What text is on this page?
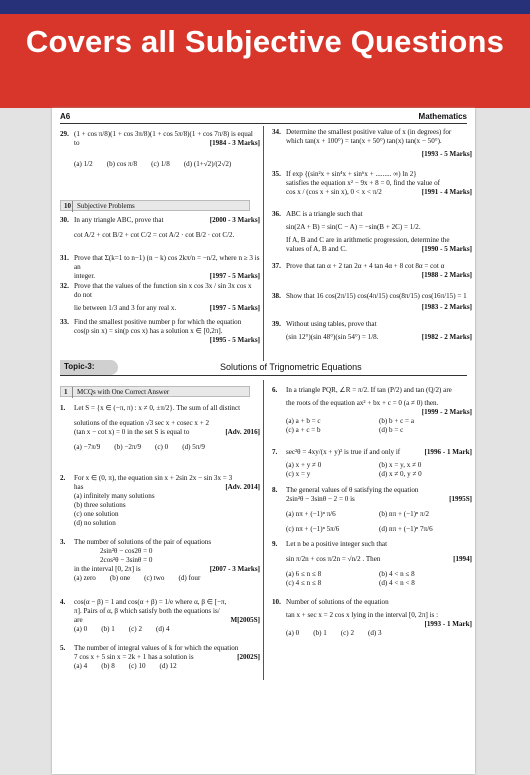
Covers all Subjective Questions
A6	Mathematics
29. (1 + cos π/8)(1 + cos 3π/8)(1 + cos 5π/8)(1 + cos 7π/8) is equal
to	[1984 - 3 Marks]
(a) 1/2 (b) cos π/8 (c) 1/8 (d) (1+√2)/(2√2)
10 Subjective Problems
30. In any triangle ABC, prove that	[2000 - 3 Marks]
cot A/2 + cot B/2 + cot C/2 = cot A/2 · cot B/2 · cot C/2.
31. Prove that Σ(k=1 to n−1) (n − k) cos 2kπ/n = −n/2, where n ≥ 3 is an
integer.	[1997 - 5 Marks]
32. Prove that the values of the function sin x cos 3x / sin 3x cos x do not
lie between 1/3 and 3 for any real x.	[1997 - 5 Marks]
33. Find the smallest positive number p for which the equation
cos(p sin x) = sin(p cos x) has a solution x ∈ [0,2π].
[1995 - 5 Marks]
34. Determine the smallest positive value of x (in degrees) for
which tan(x + 100°) = tan(x + 50°) tan(x) tan(x − 50°).
[1993 - 5 Marks]
35. If exp {(sin²x + sin⁴x + sin⁶x + ......... ∞) ln 2}
satisfies the equation x² − 9x + 8 = 0, find the value of
cos x / (cos x + sin x), 0 < x < π/2	[1991 - 4 Marks]
36. ABC is a triangle such that
sin(2A + B) = sin(C − A) = −sin(B + 2C) = 1/2.
If A, B and C are in arithmetic progression, determine the
values of A, B and C.	[1990 - 5 Marks]
37. Prove that tan α + 2 tan 2α + 4 tan 4α + 8 cot 8α = cot α
[1988 - 2 Marks]
38. Show that 16 cos(2π/15) cos(4π/15) cos(8π/15) cos(16π/15) = 1
[1983 - 2 Marks]
39. Without using tables, prove that
(sin 12°)(sin 48°)(sin 54°) = 1/8.	[1982 - 2 Marks]
Topic-3:	Solutions of Trignometric Equations
1 MCQs with One Correct Answer
1. Let S = {x ∈ (−π, π) : x ≠ 0, ±π/2}. The sum of all distinct
solutions of the equation √3 sec x + cosec x + 2
(tan x − cot x) = 0 in the set S is equal to	[Adv. 2016]
(a) −7π/9 (b) −2π/9 (c) 0 (d) 5π/9
2. For x ∈ (0, π), the equation sin x + 2sin 2x − sin 3x = 3
has	[Adv. 2014]
(a) infinitely many solutions
(b) three solutions
(c) one solution
(d) no solution
3. The number of solutions of the pair of equations
2sin²θ − cos2θ = 0
2cos²θ − 3sinθ = 0
in the interval [0, 2π] is	[2007 - 3 Marks]
(a) zero (b) one (c) two (d) four
4. cos(α − β) = 1 and cos(α + β) = 1/e where α, β ∈ [−π,
π]. Pairs of α, β which satisfy both the equations is/
are	M[2005S]
(a) 0 (b) 1 (c) 2 (d) 4
5. The number of integral values of k for which the equation
7 cos x + 5 sin x = 2k + 1 has a solution is	[2002S]
(a) 4 (b) 8 (c) 10 (d) 12
6. In a triangle PQR, ∠R = π/2. If tan (P/2) and tan (Q/2) are
the roots of the equation ax² + bx + c = 0 (a ≠ 0) then.
[1999 - 2 Marks]

(a) a + b = c	(b) b + c = a
(c) a + c = b	(d) b = c
7. sec²θ = 4xy/(x + y)² is true if and only if	[1996 - 1 Mark]
(a) x + y ≠ 0	(b) x = y, x ≠ 0
(c) x = y	(d) x ≠ 0, y ≠ 0
8. The general values of θ satisfying the equation
2sin²θ − 3sinθ − 2 = 0 is	[1995S]
(a) nπ + (−1)ⁿ π/6	(b) nπ + (−1)ⁿ π/2
(c) nπ + (−1)ⁿ 5π/6	(d) nπ + (−1)ⁿ 7π/6
9. Let n be a positive integer such that
sin π/2n + cos π/2n = √n/2 . Then	[1994]
(a) 6 ≤ n ≤ 8	(b) 4 < n ≤ 8
(c) 4 ≤ n ≤ 8	(d) 4 < n < 8
10. Number of solutions of the equation
tan x + sec x = 2 cos x lying in the interval [0, 2π] is :
[1993 - 1 Mark]

(a) 0 (b) 1 (c) 2 (d) 3
